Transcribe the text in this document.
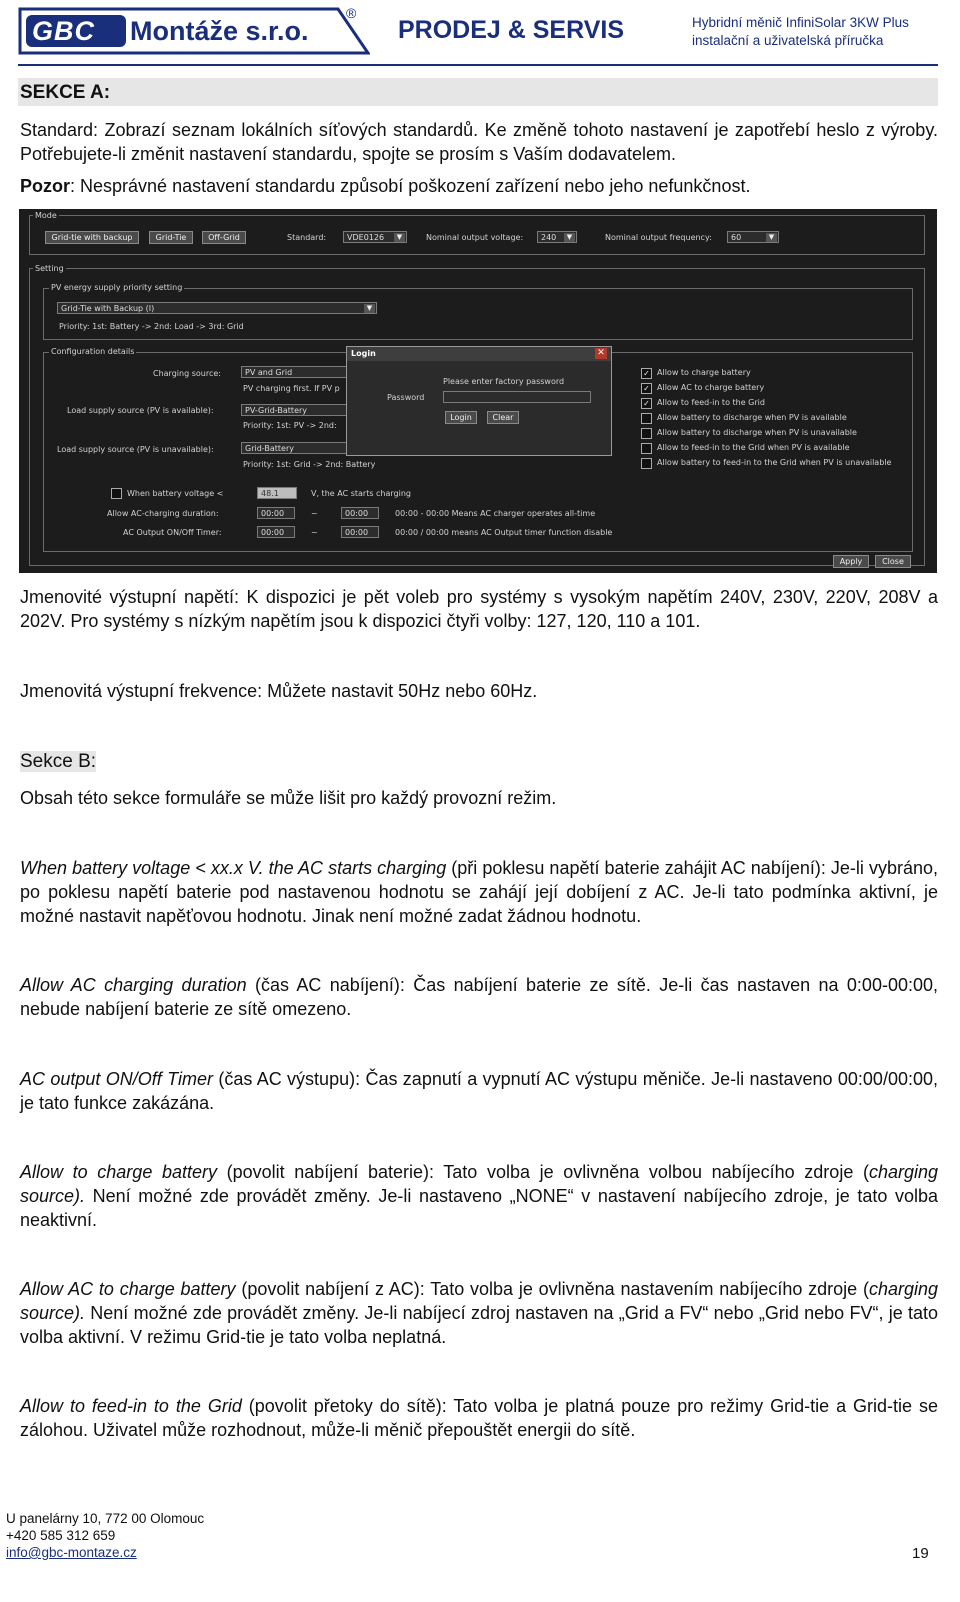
GBC Montáže s.r.o.
®
PRODEJ & SERVIS	Hybridní měnič InfiniSolar 3KW Plus
instalační a uživatelská příručka
SEKCE A:
Standard: Zobrazí seznam lokálních síťových standardů. Ke změně tohoto nastavení je zapotřebí heslo z výroby. Potřebujete-li změnit nastavení standardu, spojte se prosím s Vaším dodavatelem.
Pozor: Nesprávné nastavení standardu způsobí poškození zařízení nebo jeho nefunkčnost.
Mode
Grid-tie with backup	Grid-Tie	Off-Grid	Standard:	VDE0126	▼	Nominal output voltage:	240	▼	Nominal output frequency:	60	▼
Setting
PV energy supply priority setting
Grid-Tie with Backup (I)	▼
Priority: 1st: Battery -> 2nd: Load -> 3rd: Grid
Configuration details
Charging source:	PV and Grid
PV charging first. If PV p
Load supply source (PV is available):	PV-Grid-Battery
Priority: 1st: PV -> 2nd:
Load supply source (PV is unavailable):	Grid-Battery
Priority: 1st: Grid -> 2nd: Battery
✓ Allow to charge battery
✓ Allow AC to charge battery
✓ Allow to feed-in to the Grid
Allow battery to discharge when PV is available
Allow battery to discharge when PV is unavailable
Allow to feed-in to the Grid when PV is available
Allow battery to feed-in to the Grid when PV is unavailable
When battery voltage <	48.1	V, the AC starts charging
Allow AC-charging duration:	00:00	~	00:00	00:00 - 00:00 Means AC charger operates all-time
AC Output ON/Off Timer:	00:00	~	00:00	00:00 / 00:00 means AC Output timer function disable
Apply	Close
Login	✕
Please enter factory password
Password
Login	Clear
Jmenovité výstupní napětí: K dispozici je pět voleb pro systémy s vysokým napětím 240V, 230V, 220V, 208V a 202V. Pro systémy s nízkým napětím jsou k dispozici čtyři volby: 127, 120, 110 a 101.
Jmenovitá výstupní frekvence: Můžete nastavit 50Hz nebo 60Hz.
Sekce B:
Obsah této sekce formuláře se může lišit pro každý provozní režim.
When battery voltage < xx.x V. the AC starts charging (při poklesu napětí baterie zahájit AC nabíjení): Je-li vybráno, po poklesu napětí baterie pod nastavenou hodnotu se zahájí její dobíjení z AC. Je-li tato podmínka aktivní, je možné nastavit napěťovou hodnotu. Jinak není možné zadat žádnou hodnotu.
Allow AC charging duration (čas AC nabíjení): Čas nabíjení baterie ze sítě. Je-li čas nastaven na 0:00-00:00, nebude nabíjení baterie ze sítě omezeno.
AC output ON/Off Timer (čas AC výstupu): Čas zapnutí a vypnutí AC výstupu měniče. Je-li nastaveno 00:00/00:00, je tato funkce zakázána.
Allow to charge battery (povolit nabíjení baterie): Tato volba je ovlivněna volbou nabíjecího zdroje (charging source). Není možné zde provádět změny. Je-li nastaveno „NONE“ v nastavení nabíjecího zdroje, je tato volba neaktivní.
Allow AC to charge battery (povolit nabíjení z AC): Tato volba je ovlivněna nastavením nabíjecího zdroje (charging source). Není možné zde provádět změny. Je-li nabíjecí zdroj nastaven na „Grid a FV“ nebo „Grid nebo FV“, je tato volba aktivní. V režimu Grid-tie je tato volba neplatná.
Allow to feed-in to the Grid (povolit přetoky do sítě): Tato volba je platná pouze pro režimy Grid-tie a Grid-tie se zálohou. Uživatel může rozhodnout, může-li měnič přepouštět energii do sítě.
U panelárny 10, 772 00 Olomouc
+420 585 312 659
info@gbc-montaze.cz	19
